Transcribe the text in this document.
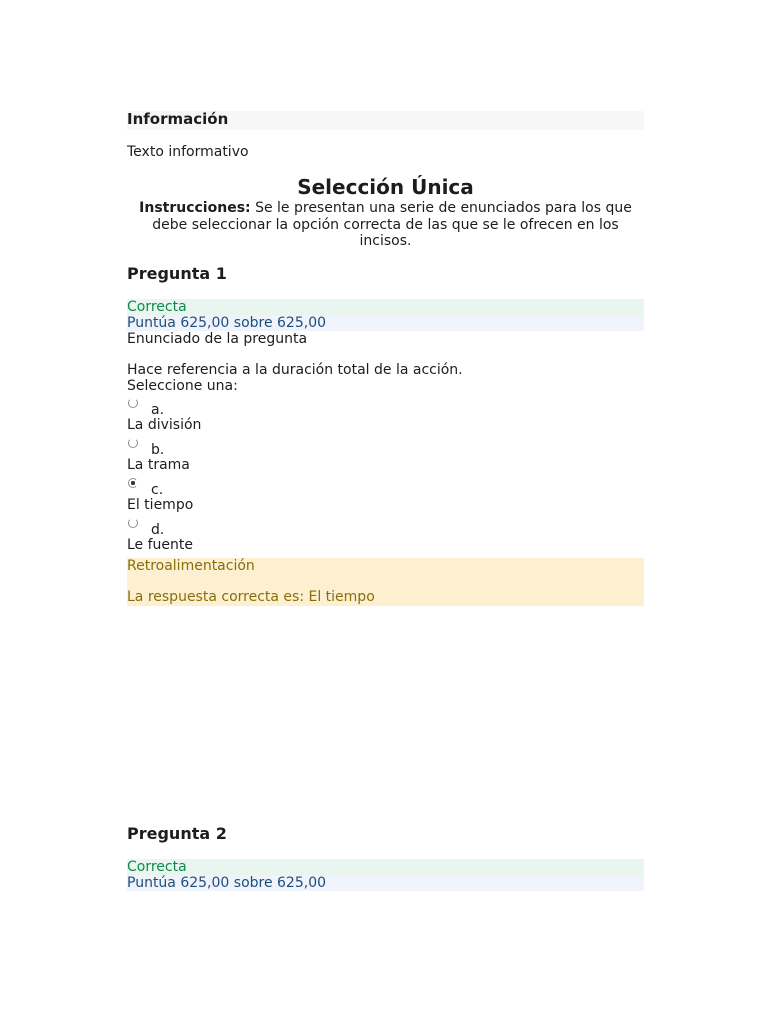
Información
Texto informativo
Selección Única
Instrucciones: Se le presentan una serie de enunciados para los que debe seleccionar la opción correcta de las que se le ofrecen en los incisos.
Pregunta 1
Correcta
Puntúa 625,00 sobre 625,00
Enunciado de la pregunta
Hace referencia a la duración total de la acción.
Seleccione una:
a.
La división
b.
La trama
c.
El tiempo
d.
Le fuente
Retroalimentación
La respuesta correcta es: El tiempo
Pregunta 2
Correcta
Puntúa 625,00 sobre 625,00
